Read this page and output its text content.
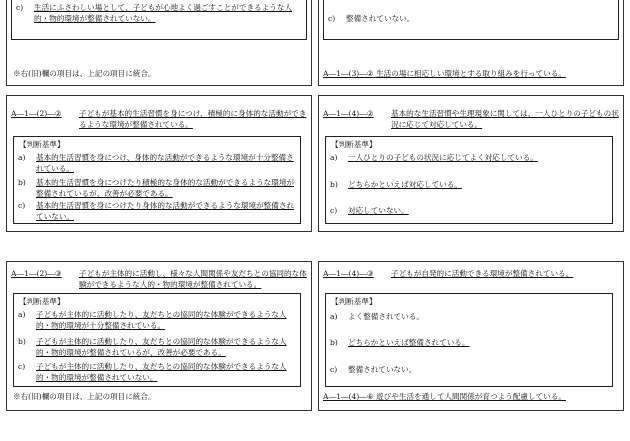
c)	生活にふさわしい場として、子どもが心地よく過ごすことができるような人的・物的環境が整備されていない。
※右(旧)欄の項目は、上記の項目に統合。
c)	整備されていない。
A―1―(3)―② 生活の場に相応しい環境とする取り組みを行っている。
A―1―(2)―②	子どもが基本的生活習慣を身につけ、積極的に身体的な活動ができるような環境が整備されている。
【判断基準】
a)	基本的生活習慣を身につけ、身体的な活動ができるような環境が十分整備されている。
b)	基本的生活習慣を身につけたり積極的な身体的な活動ができるような環境が整備されているが、改善が必要である。
c)	基本的生活習慣を身につけたり身体的な活動ができるような環境が整備されていない。
A―1―(4)―②	基本的な生活習慣や生理現象に関しては、一人ひとりの子どもの状況に応じて対応している。
【判断基準】
a)	一人ひとりの子どもの状況に応じてよく対応している。
b)	どちらかといえば対応している。
c)	対応していない。
A―1―(2)―③	子どもが主体的に活動し、様々な人間関係や友だちとの協同的な体験ができるような人的・物的環境が整備されている。
【判断基準】
a)	子どもが主体的に活動したり、友だちとの協同的な体験ができるような人的・物的環境が十分整備されている。
b)	子どもが主体的に活動したり、友だちとの協同的な体験ができるような人的・物的環境が整備されているが、改善が必要である。
c)	子どもが主体的に活動したり、友だちとの協同的な体験ができるような人的・物的環境が整備されていない。
※右(旧)欄の項目は、上記の項目に統合。
A―1―(4)―③	子どもが自発的に活動できる環境が整備されている。
【判断基準】
a)	よく整備されている。
b)	どちらかといえば整備されている。
c)	整備されていない。
A―1―(4)―⑥ 遊びや生活を通して人間関係が育つよう配慮している。
